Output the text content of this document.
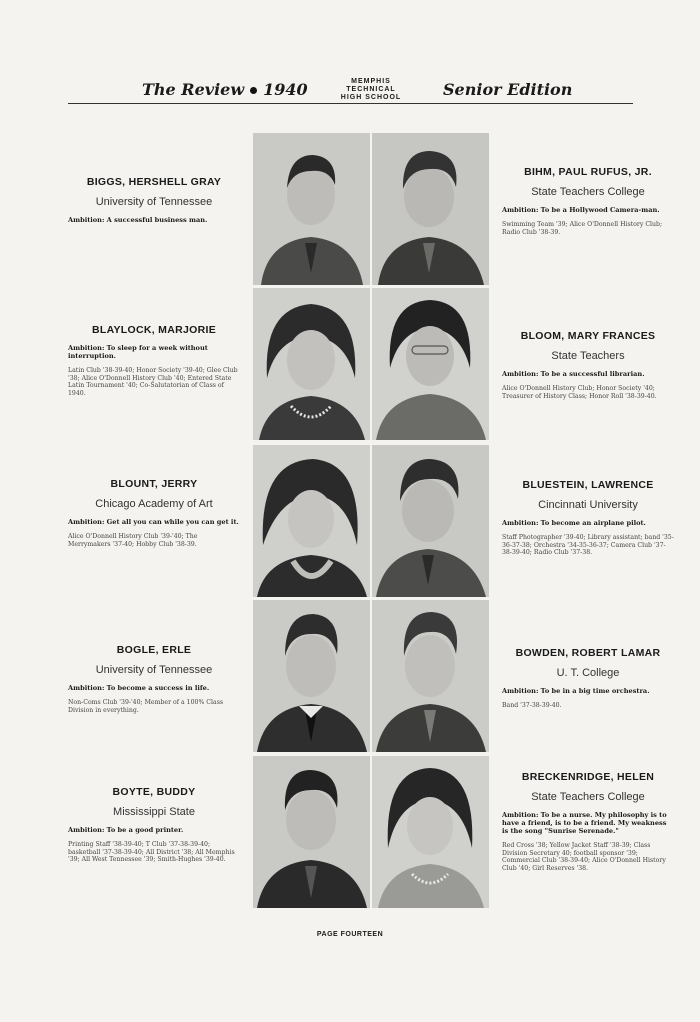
The Review 1940	MEMPHIS
TECHNICAL
HIGH SCHOOL	Senior Edition
BIGGS, HERSHELL GRAY
University of Tennessee
Ambition: A successful business man.
BLAYLOCK, MARJORIE
Ambition: To sleep for a week without interruption.
Latin Club '38-39-40; Honor Society '39-40; Glee Club '38; Alice O'Donnell History Club '40; Entered State Latin Tournament '40; Co-Salutatorian of Class of 1940.
BLOUNT, JERRY
Chicago Academy of Art
Ambition: Get all you can while you can get it.
Alice O'Donnell History Club '39-'40; The Merrymakers '37-40; Hobby Club '38-39.
BOGLE, ERLE
University of Tennessee
Ambition: To become a success in life.
Non-Coms Club '39-'40; Member of a 100% Class Division in everything.
BOYTE, BUDDY
Mississippi State
Ambition: To be a good printer.
Printing Staff '38-39-40; T Club '37-38-39-40; basketball '37-38-39-40; All District '38; All Memphis '39; All West Tennessee '39; Smith-Hughes '39-40.
BIHM, PAUL RUFUS, JR.
State Teachers College
Ambition: To be a Hollywood Camera-man.
Swimming Team '39; Alice O'Donnell History Club; Radio Club '38-39.
BLOOM, MARY FRANCES
State Teachers
Ambition: To be a successful librarian.
Alice O'Donnell History Club; Honor Society '40; Treasurer of History Class; Honor Roll '38-39-40.
BLUESTEIN, LAWRENCE
Cincinnati University
Ambition: To become an airplane pilot.
Staff Photographer '39-40; Library assistant; band '35-36-37-38; Orchestra '34-35-36-37; Camera Club '37-38-39-40; Radio Club '37-38.
BOWDEN, ROBERT LAMAR
U. T. College
Ambition: To be in a big time orchestra.
Band '37-38-39-40.
BRECKENRIDGE, HELEN
State Teachers College
Ambition: To be a nurse. My philosophy is to have a friend, is to be a friend. My weakness is the song "Sunrise Serenade."
Red Cross '38; Yellow Jacket Staff '38-39; Class Division Secretary 40; football sponsor '39; Commercial Club '38-39-40; Alice O'Donnell History Club '40; Girl Reserves '38.
PAGE FOURTEEN
